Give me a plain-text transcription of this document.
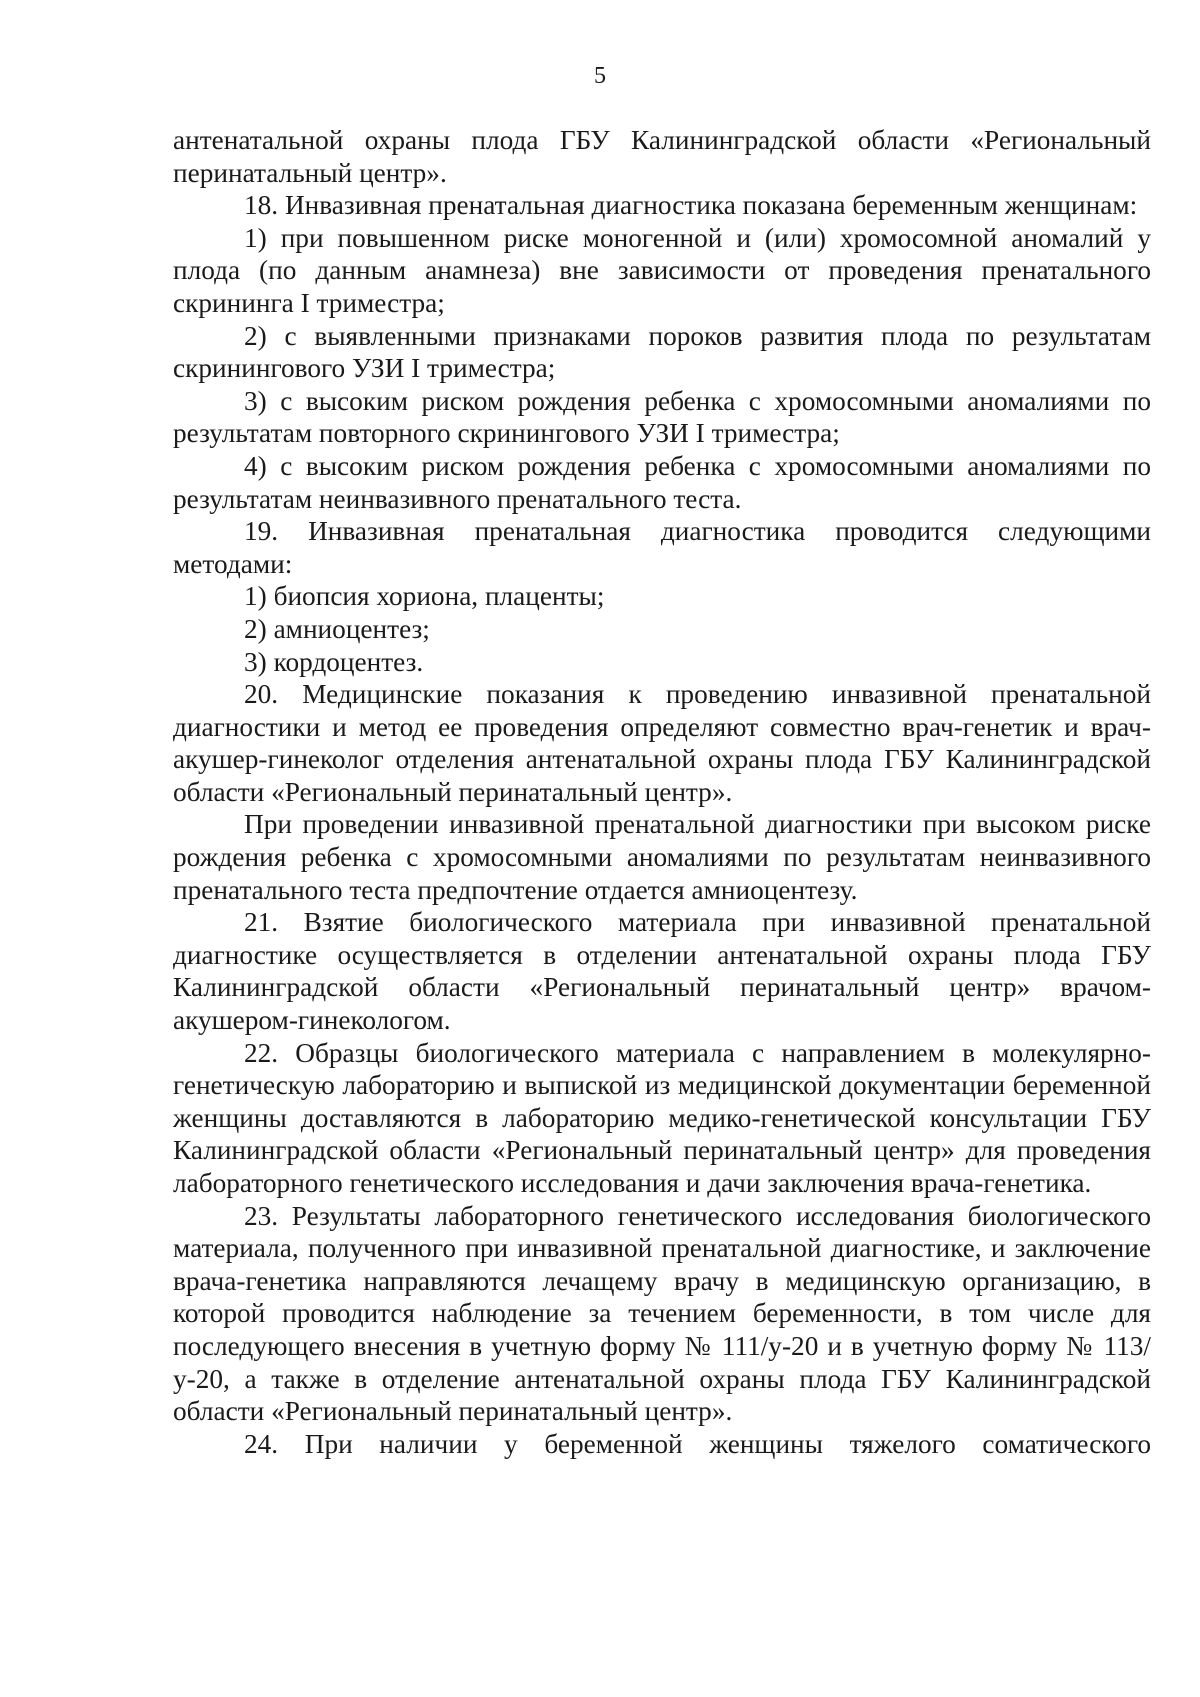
5

антенатальной охраны плода ГБУ Калининградской области «Региональный перинатальный центр».

18. Инвазивная пренатальная диагностика показана беременным женщинам:

1) при повышенном риске моногенной и (или) хромосомной аномалий у плода (по данным анамнеза) вне зависимости от проведения пренатального скрининга I триместра;

2) с выявленными признаками пороков развития плода по результатам скринингового УЗИ I триместра;

3) с высоким риском рождения ребенка с хромосомными аномалиями по результатам повторного скринингового УЗИ I триместра;

4) с высоким риском рождения ребенка с хромосомными аномалиями по результатам неинвазивного пренатального теста.

19. Инвазивная пренатальная диагностика проводится следующими методами:

1) биопсия хориона, плаценты;

2) амниоцентез;

3) кордоцентез.

20. Медицинские показания к проведению инвазивной пренатальной диагностики и метод ее проведения определяют совместно врач-генетик и врач-акушер-гинеколог отделения антенатальной охраны плода ГБУ Калининградской области «Региональный перинатальный центр».

При проведении инвазивной пренатальной диагностики при высоком риске рождения ребенка с хромосомными аномалиями по результатам неинвазивного пренатального теста предпочтение отдается амниоцентезу.

21. Взятие биологического материала при инвазивной пренатальной диагностике осуществляется в отделении антенатальной охраны плода ГБУ Калининградской области «Региональный перинатальный центр» врачом-акушером-гинекологом.

22. Образцы биологического материала с направлением в молекулярно-генетическую лабораторию и выпиской из медицинской документации беременной женщины доставляются в лабораторию медико-генетической консультации ГБУ Калининградской области «Региональный перинатальный центр» для проведения лабораторного генетического исследования и дачи заключения врача-генетика.

23. Результаты лабораторного генетического исследования биологического материала, полученного при инвазивной пренатальной диагностике, и заключение врача-генетика направляются лечащему врачу в медицинскую организацию, в которой проводится наблюдение за течением беременности, в том числе для последующего внесения в учетную форму № 111/у-20 и в учетную форму № 113/у-20, а также в отделение антенатальной охраны плода ГБУ Калининградской области «Региональный перинатальный центр».

24. При наличии у беременной женщины тяжелого соматического
